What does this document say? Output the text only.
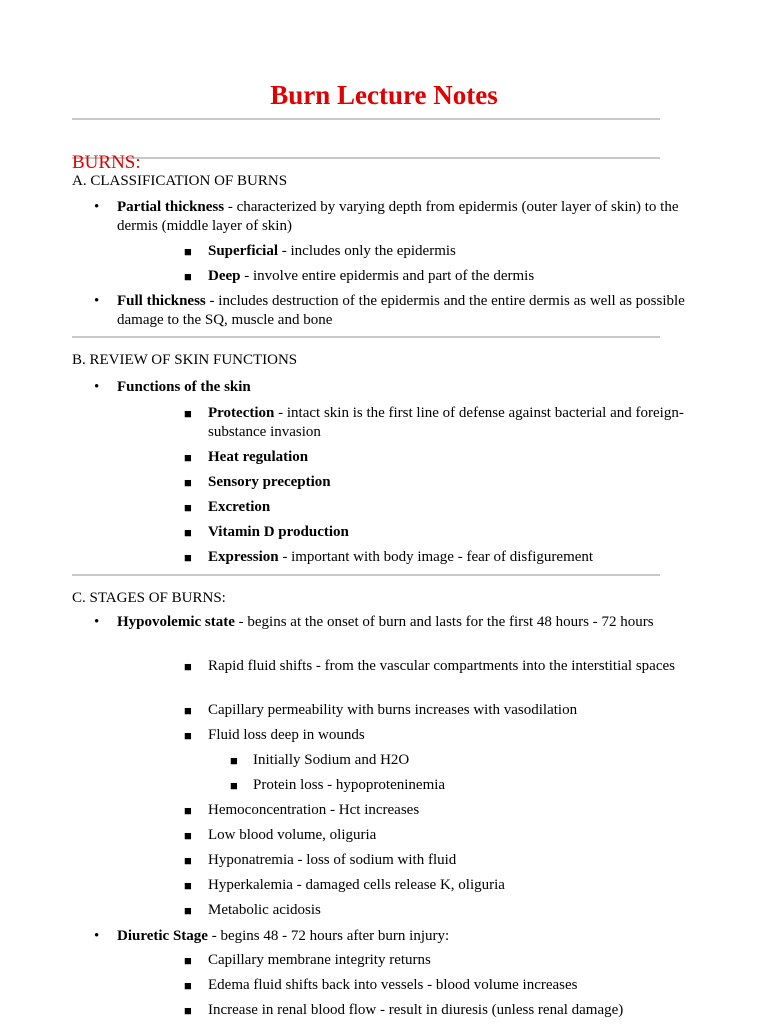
Burn Lecture Notes
BURNS:
A. CLASSIFICATION OF BURNS
• Partial thickness - characterized by varying depth from epidermis (outer layer of skin) to the dermis (middle layer of skin)
■ Superficial - includes only the epidermis
■ Deep - involve entire epidermis and part of the dermis
• Full thickness - includes destruction of the epidermis and the entire dermis as well as possible damage to the SQ, muscle and bone
B. REVIEW OF SKIN FUNCTIONS
• Functions of the skin
■ Protection - intact skin is the first line of defense against bacterial and foreign-substance invasion
■ Heat regulation
■ Sensory preception
■ Excretion
■ Vitamin D production
■ Expression - important with body image - fear of disfigurement
C. STAGES OF BURNS:
• Hypovolemic state - begins at the onset of burn and lasts for the first 48 hours - 72 hours
■ Rapid fluid shifts - from the vascular compartments into the interstitial spaces
■ Capillary permeability with burns increases with vasodilation
■ Fluid loss deep in wounds
■ Initially Sodium and H2O
■ Protein loss - hypoproteninemia
■ Hemoconcentration - Hct increases
■ Low blood volume, oliguria
■ Hyponatremia - loss of sodium with fluid
■ Hyperkalemia - damaged cells release K, oliguria
■ Metabolic acidosis
• Diuretic Stage - begins 48 - 72 hours after burn injury:
■ Capillary membrane integrity returns
■ Edema fluid shifts back into vessels - blood volume increases
■ Increase in renal blood flow - result in diuresis (unless renal damage)
